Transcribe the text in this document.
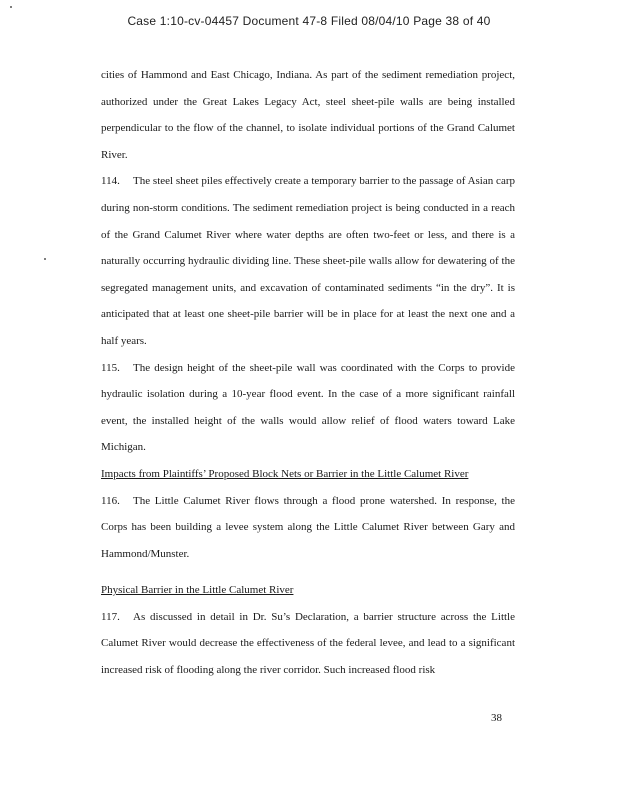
Case 1:10-cv-04457 Document 47-8 Filed 08/04/10 Page 38 of 40

cities of Hammond and East Chicago, Indiana. As part of the sediment remediation project, authorized under the Great Lakes Legacy Act, steel sheet-pile walls are being installed perpendicular to the flow of the channel, to isolate individual portions of the Grand Calumet River.

114. The steel sheet piles effectively create a temporary barrier to the passage of Asian carp during non-storm conditions. The sediment remediation project is being conducted in a reach of the Grand Calumet River where water depths are often two-feet or less, and there is a naturally occurring hydraulic dividing line. These sheet-pile walls allow for dewatering of the segregated management units, and excavation of contaminated sediments “in the dry”. It is anticipated that at least one sheet-pile barrier will be in place for at least the next one and a half years.

115. The design height of the sheet-pile wall was coordinated with the Corps to provide hydraulic isolation during a 10-year flood event. In the case of a more significant rainfall event, the installed height of the walls would allow relief of flood waters toward Lake Michigan.

Impacts from Plaintiffs’ Proposed Block Nets or Barrier in the Little Calumet River

116. The Little Calumet River flows through a flood prone watershed. In response, the Corps has been building a levee system along the Little Calumet River between Gary and Hammond/Munster.

Physical Barrier in the Little Calumet River

117. As discussed in detail in Dr. Su’s Declaration, a barrier structure across the Little Calumet River would decrease the effectiveness of the federal levee, and lead to a significant increased risk of flooding along the river corridor. Such increased flood risk

38
